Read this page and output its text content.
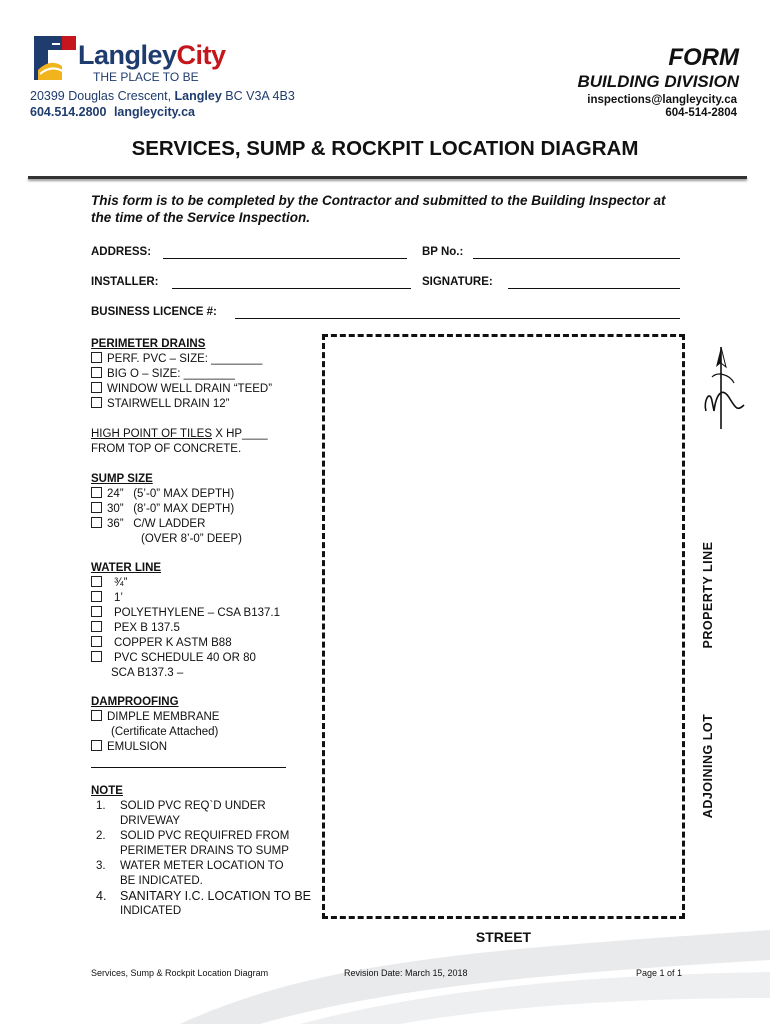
LangleyCity
THE PLACE TO BE
20399 Douglas Crescent, Langley BC V3A 4B3
604.514.2800 langleycity.ca
FORM
BUILDING DIVISION
inspections@langleycity.ca
604-514-2804
SERVICES, SUMP & ROCKPIT LOCATION DIAGRAM
This form is to be completed by the Contractor and submitted to the Building Inspector at the time of the Service Inspection.
ADDRESS:	BP No.:
INSTALLER:	SIGNATURE:
BUSINESS LICENCE #:
PERIMETER DRAINS
PERF. PVC – SIZE: ________
BIG O – SIZE: ________
WINDOW WELL DRAIN “TEED”
STAIRWELL DRAIN 12”
HIGH POINT OF TILES X HP____
FROM TOP OF CONCRETE.
SUMP SIZE
24”   (5’-0” MAX DEPTH)
30”   (8’-0” MAX DEPTH)
36”   C/W LADDER
(OVER 8’-0” DEEP)
WATER LINE
¾”
1’
POLYETHYLENE – CSA B137.1
PEX B 137.5
COPPER K ASTM B88
PVC SCHEDULE 40 OR 80
SCA B137.3 –
DAMPROOFING
DIMPLE MEMBRANE
(Certificate Attached)
EMULSION
NOTE
1. SOLID PVC REQ`D UNDER
DRIVEWAY
2. SOLID PVC REQUIFRED FROM
PERIMETER DRAINS TO SUMP
3. WATER METER LOCATION TO
BE INDICATED.
4. SANITARY I.C. LOCATION TO BE
INDICATED
PROPERTY LINE
ADJOINING LOT
STREET
Services, Sump & Rockpit Location Diagram	Revision Date: March 15, 2018	Page 1 of 1
